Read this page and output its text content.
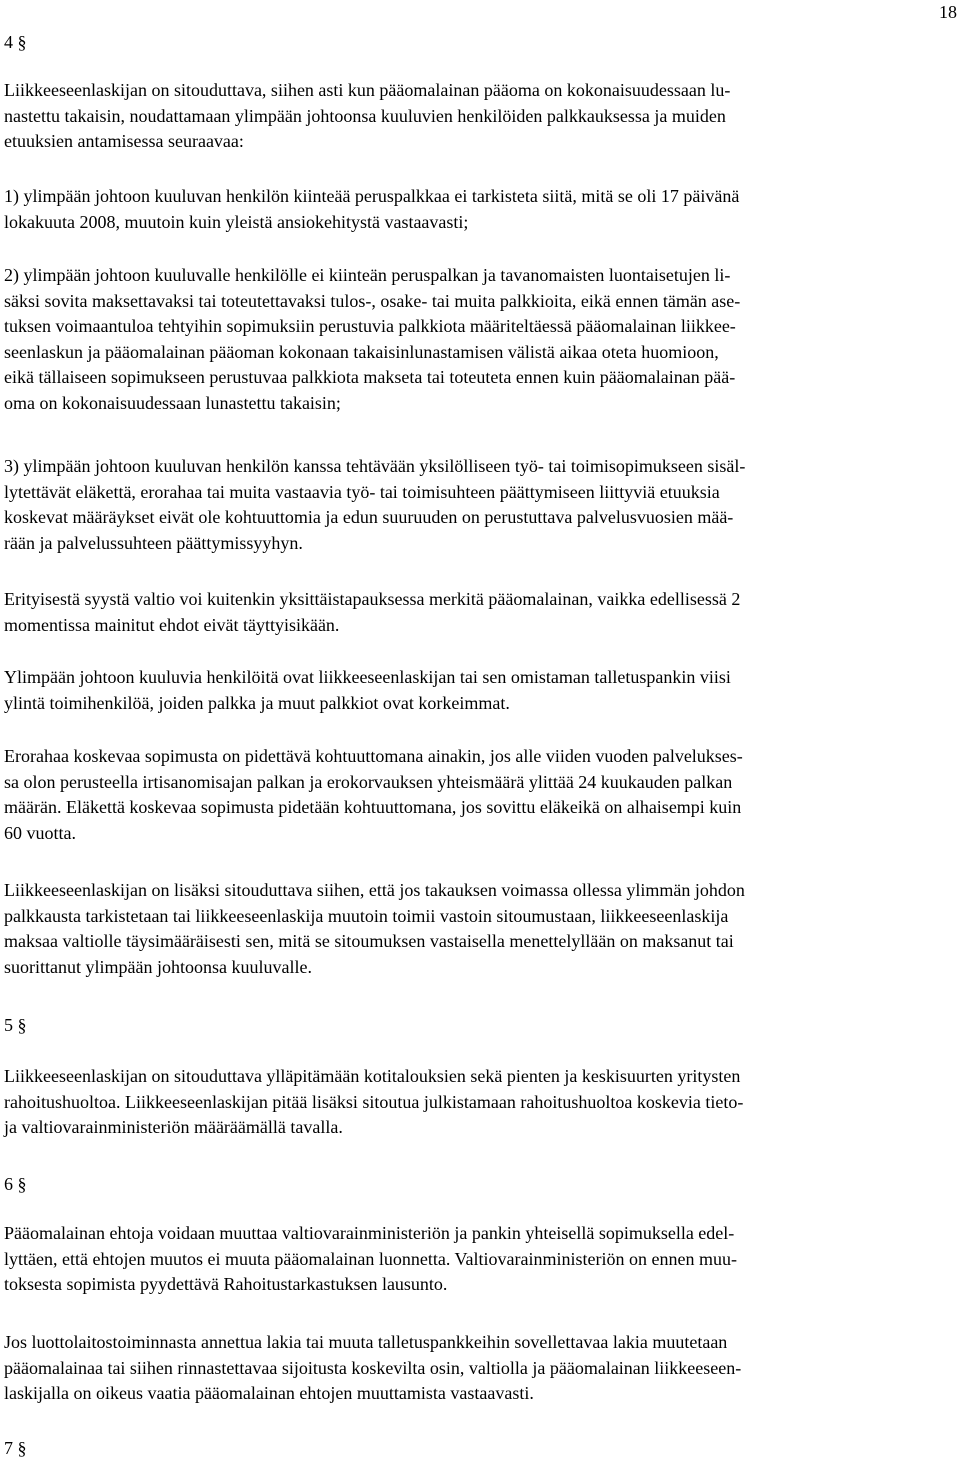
18
4 §
Liikkeeseenlaskijan on sitouduttava, siihen asti kun pääomalainan pääoma on kokonaisuudessaan lu-
nastettu takaisin, noudattamaan ylimpään johtoonsa kuuluvien henkilöiden palkkauksessa ja muiden
etuuksien antamisessa seuraavaa:
1) ylimpään johtoon kuuluvan henkilön kiinteää peruspalkkaa ei tarkisteta siitä, mitä se oli 17 päivänä
lokakuuta 2008, muutoin kuin yleistä ansiokehitystä vastaavasti;
2) ylimpään johtoon kuuluvalle henkilölle ei kiinteän peruspalkan ja tavanomaisten luontaisetujen li-
säksi sovita maksettavaksi tai toteutettavaksi tulos-, osake- tai muita palkkioita, eikä ennen tämän ase-
tuksen voimaantuloa tehtyihin sopimuksiin perustuvia palkkiota määriteltäessä pääomalainan liikkee-
seenlaskun ja pääomalainan pääoman kokonaan takaisinlunastamisen välistä aikaa oteta huomioon,
eikä tällaiseen sopimukseen perustuvaa palkkiota makseta tai toteuteta ennen kuin pääomalainan pää-
oma on kokonaisuudessaan lunastettu takaisin;
3) ylimpään johtoon kuuluvan henkilön kanssa tehtävään yksilölliseen työ- tai toimisopimukseen sisäl-
lytettävät eläkettä, erorahaa tai muita vastaavia työ- tai toimisuhteen päättymiseen liittyviä etuuksia
koskevat määräykset eivät ole kohtuuttomia ja edun suuruuden on perustuttava palvelusvuosien mää-
rään ja palvelussuhteen päättymissyyhyn.
Erityisestä syystä valtio voi kuitenkin yksittäistapauksessa merkitä pääomalainan, vaikka edellisessä 2
momentissa mainitut ehdot eivät täyttyisikään.
Ylimpään johtoon kuuluvia henkilöitä ovat liikkeeseenlaskijan tai sen omistaman talletuspankin viisi
ylintä toimihenkilöä, joiden palkka ja muut palkkiot ovat korkeimmat.
Erorahaa koskevaa sopimusta on pidettävä kohtuuttomana ainakin, jos alle viiden vuoden palvelukses-
sa olon perusteella irtisanomisajan palkan ja erokorvauksen yhteismäärä ylittää 24 kuukauden palkan
määrän. Eläkettä koskevaa sopimusta pidetään kohtuuttomana, jos sovittu eläkeikä on alhaisempi kuin
60 vuotta.
Liikkeeseenlaskijan on lisäksi sitouduttava siihen, että jos takauksen voimassa ollessa ylimmän johdon
palkkausta tarkistetaan tai liikkeeseenlaskija muutoin toimii vastoin sitoumustaan, liikkeeseenlaskija
maksaa valtiolle täysimääräisesti sen, mitä se sitoumuksen vastaisella menettelyllään on maksanut tai
suorittanut ylimpään johtoonsa kuuluvalle.
5 §
Liikkeeseenlaskijan on sitouduttava ylläpitämään kotitalouksien sekä pienten ja keskisuurten yritysten
rahoitushuoltoa. Liikkeeseenlaskijan pitää lisäksi sitoutua julkistamaan rahoitushuoltoa koskevia tieto-
ja valtiovarainministeriön määräämällä tavalla.
6 §
Pääomalainan ehtoja voidaan muuttaa valtiovarainministeriön ja pankin yhteisellä sopimuksella edel-
lyttäen, että ehtojen muutos ei muuta pääomalainan luonnetta. Valtiovarainministeriön on ennen muu-
toksesta sopimista pyydettävä Rahoitustarkastuksen lausunto.
Jos luottolaitostoiminnasta annettua lakia tai muuta talletuspankkeihin sovellettavaa lakia muutetaan
pääomalainaa tai siihen rinnastettavaa sijoitusta koskevilta osin, valtiolla ja pääomalainan liikkeeseen-
laskijalla on oikeus vaatia pääomalainan ehtojen muuttamista vastaavasti.
7 §
